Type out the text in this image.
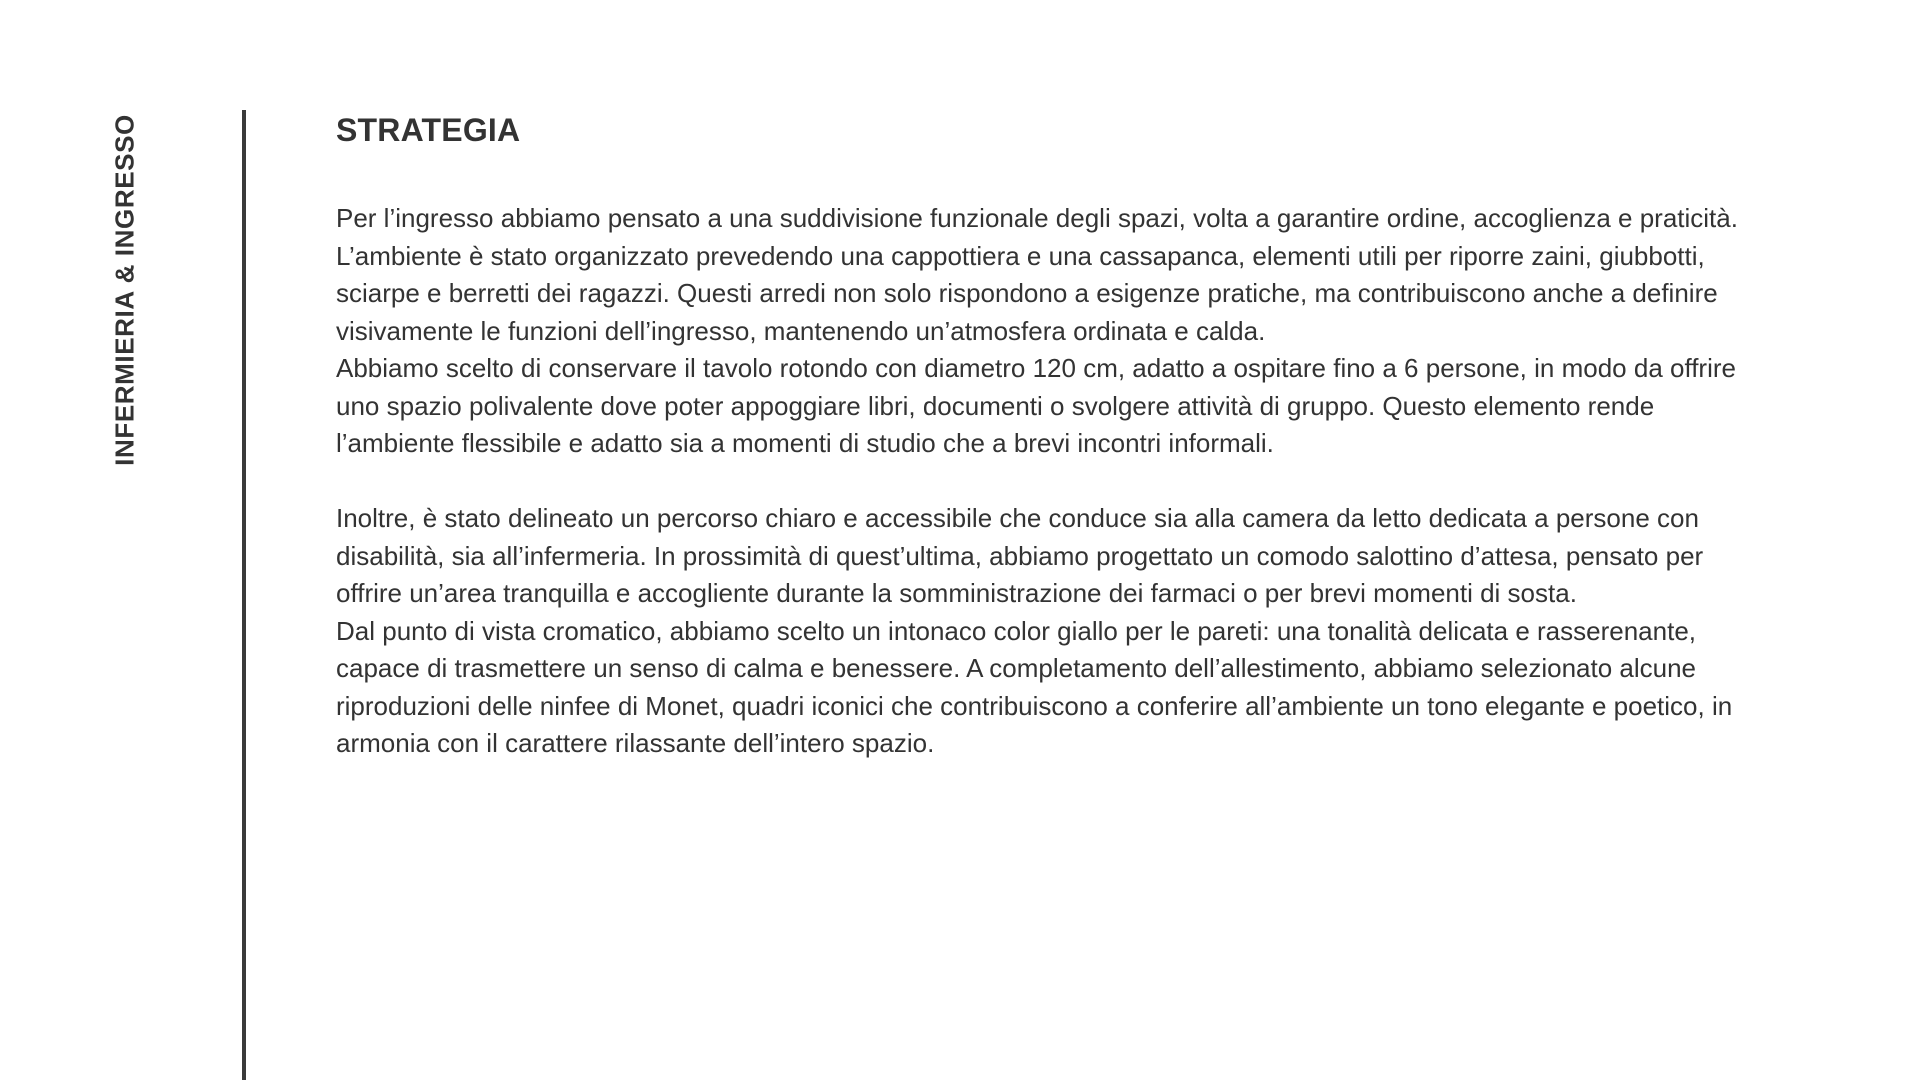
INFERMIERIA & INGRESSO	STRATEGIA

Per l’ingresso abbiamo pensato a una suddivisione funzionale degli spazi, volta a garantire ordine, accoglienza e praticità. L’ambiente è stato organizzato prevedendo una cappottiera e una cassapanca, elementi utili per riporre zaini, giubbotti, sciarpe e berretti dei ragazzi. Questi arredi non solo rispondono a esigenze pratiche, ma contribuiscono anche a definire visivamente le funzioni dell’ingresso, mantenendo un’atmosfera ordinata e calda.

Abbiamo scelto di conservare il tavolo rotondo con diametro 120 cm, adatto a ospitare fino a 6 persone, in modo da offrire uno spazio polivalente dove poter appoggiare libri, documenti o svolgere attività di gruppo. Questo elemento rende l’ambiente flessibile e adatto sia a momenti di studio che a brevi incontri informali.

Inoltre, è stato delineato un percorso chiaro e accessibile che conduce sia alla camera da letto dedicata a persone con disabilità, sia all’infermeria. In prossimità di quest’ultima, abbiamo progettato un comodo salottino d’attesa, pensato per offrire un’area tranquilla e accogliente durante la somministrazione dei farmaci o per brevi momenti di sosta.

Dal punto di vista cromatico, abbiamo scelto un intonaco color giallo per le pareti: una tonalità delicata e rasserenante, capace di trasmettere un senso di calma e benessere. A completamento dell’allestimento, abbiamo selezionato alcune riproduzioni delle ninfee di Monet, quadri iconici che contribuiscono a conferire all’ambiente un tono elegante e poetico, in armonia con il carattere rilassante dell’intero spazio.
